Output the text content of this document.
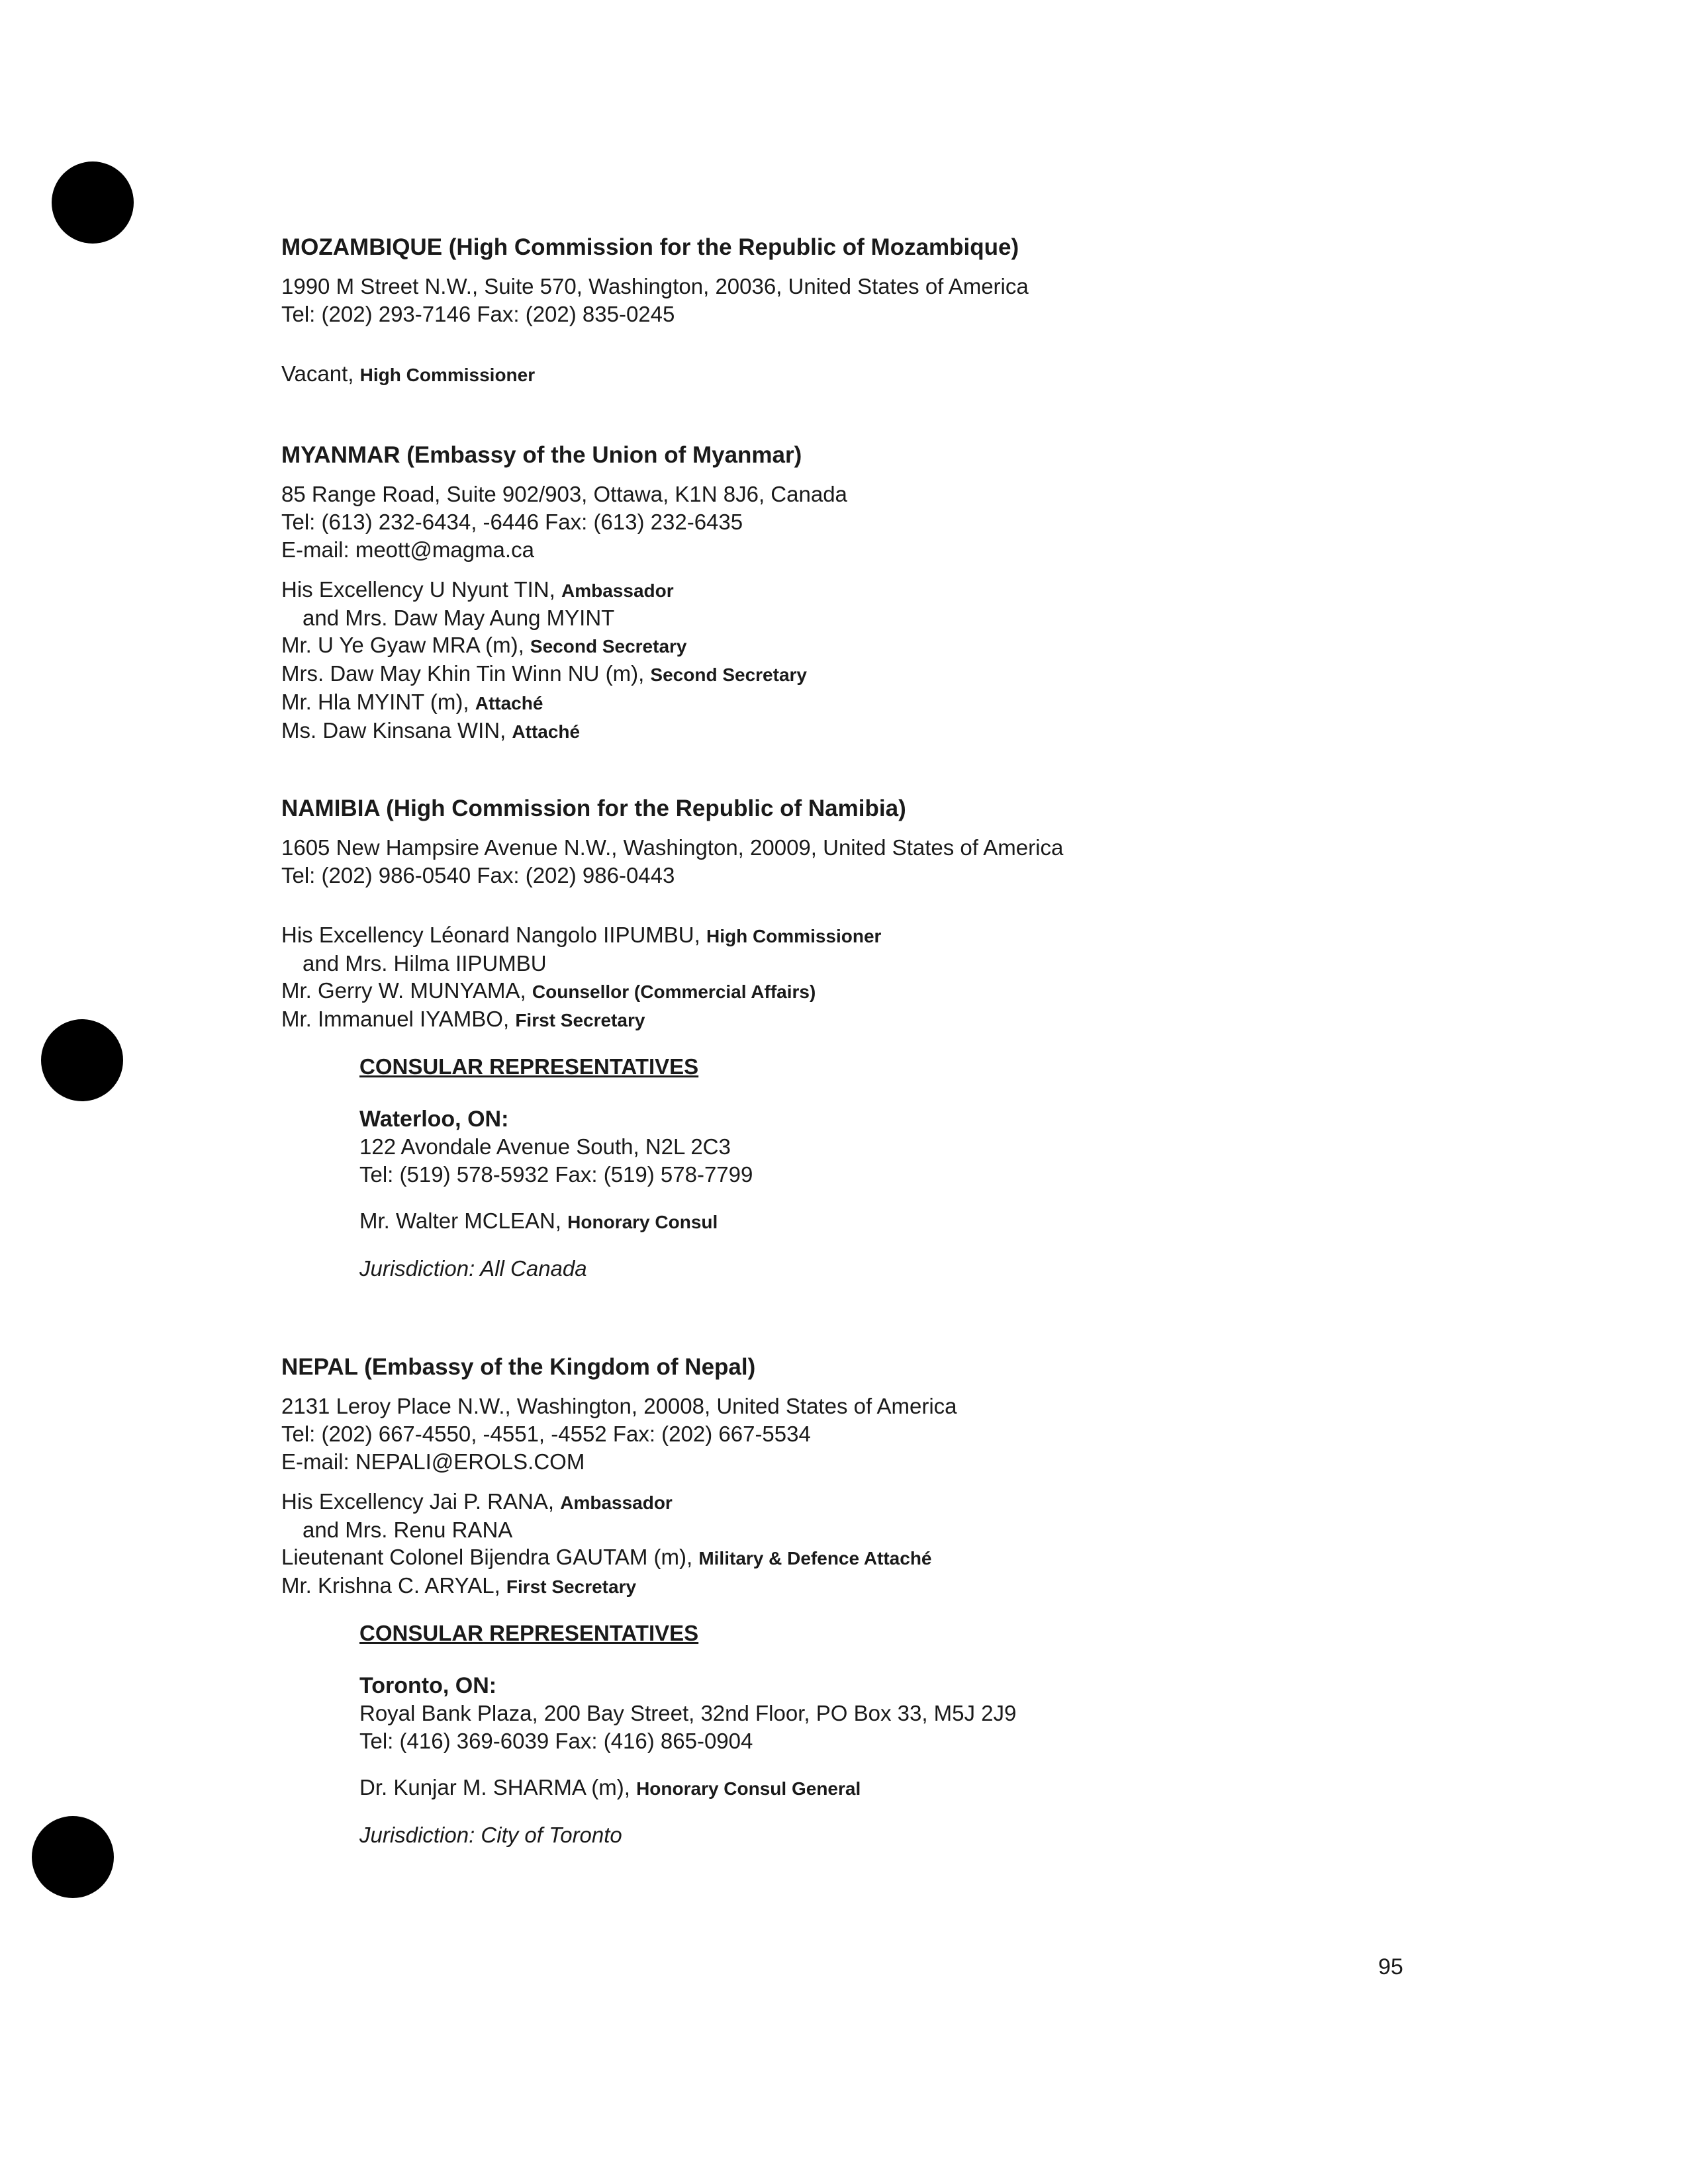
MOZAMBIQUE (High Commission for the Republic of Mozambique)
1990 M Street N.W., Suite 570, Washington, 20036, United States of America
Tel: (202) 293-7146 Fax: (202) 835-0245
Vacant, High Commissioner
MYANMAR (Embassy of the Union of Myanmar)
85 Range Road, Suite 902/903, Ottawa, K1N 8J6, Canada
Tel: (613) 232-6434, -6446 Fax: (613) 232-6435
E-mail: meott@magma.ca
His Excellency U Nyunt TIN, Ambassador
and Mrs. Daw May Aung MYINT
Mr. U Ye Gyaw MRA (m), Second Secretary
Mrs. Daw May Khin Tin Winn NU (m), Second Secretary
Mr. Hla MYINT (m), Attaché
Ms. Daw Kinsana WIN, Attaché
NAMIBIA (High Commission for the Republic of Namibia)
1605 New Hampsire Avenue N.W., Washington, 20009, United States of America
Tel: (202) 986-0540 Fax: (202) 986-0443
His Excellency Léonard Nangolo IIPUMBU, High Commissioner
and Mrs. Hilma IIPUMBU
Mr. Gerry W. MUNYAMA, Counsellor (Commercial Affairs)
Mr. Immanuel IYAMBO, First Secretary
CONSULAR REPRESENTATIVES
Waterloo, ON:
122 Avondale Avenue South, N2L 2C3
Tel: (519) 578-5932 Fax: (519) 578-7799
Mr. Walter MCLEAN, Honorary Consul
Jurisdiction: All Canada
NEPAL (Embassy of the Kingdom of Nepal)
2131 Leroy Place N.W., Washington, 20008, United States of America
Tel: (202) 667-4550, -4551, -4552 Fax: (202) 667-5534
E-mail: NEPALI@EROLS.COM
His Excellency Jai P. RANA, Ambassador
and Mrs. Renu RANA
Lieutenant Colonel Bijendra GAUTAM (m), Military & Defence Attaché
Mr. Krishna C. ARYAL, First Secretary
CONSULAR REPRESENTATIVES
Toronto, ON:
Royal Bank Plaza, 200 Bay Street, 32nd Floor, PO Box 33, M5J 2J9
Tel: (416) 369-6039 Fax: (416) 865-0904
Dr. Kunjar M. SHARMA (m), Honorary Consul General
Jurisdiction: City of Toronto
95
